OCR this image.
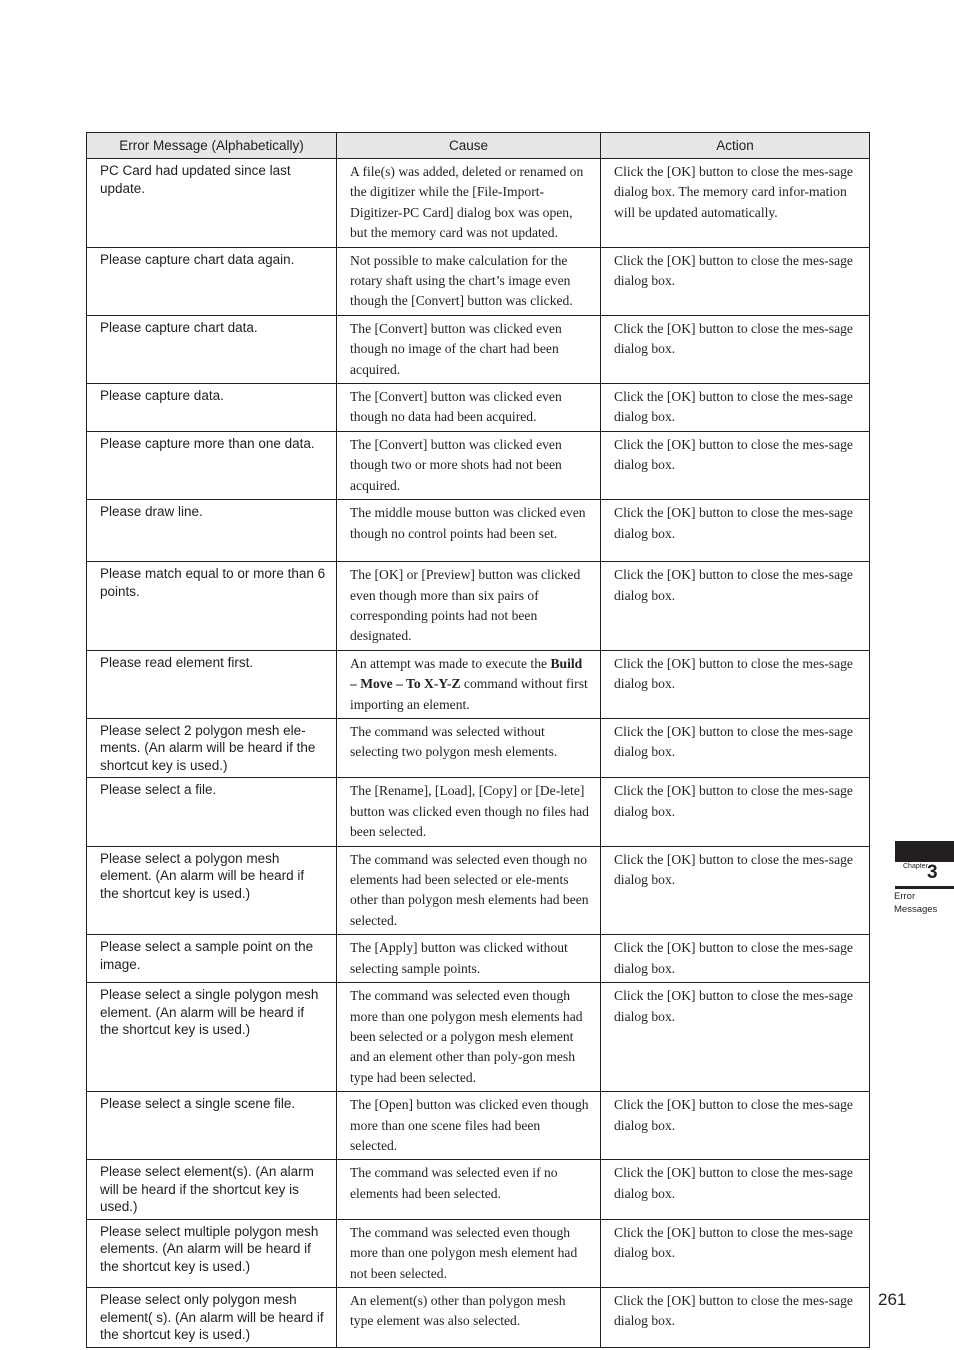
Error Message (Alphabetically)	Cause	Action
PC Card had updated since last update.	A file(s) was added, deleted or renamed on the digitizer while the [File-Import-Digitizer-PC Card] dialog box was open, but the memory card was not updated.	Click the [OK] button to close the mes-sage dialog box. The memory card infor-mation will be updated automatically.
Please capture chart data again.	Not possible to make calculation for the rotary shaft using the chart’s image even though the [Convert] button was clicked.	Click the [OK] button to close the mes-sage dialog box.
Please capture chart data.	The [Convert] button was clicked even though no image of the chart had been acquired.	Click the [OK] button to close the mes-sage dialog box.
Please capture data.	The [Convert] button was clicked even though no data had been acquired.	Click the [OK] button to close the mes-sage dialog box.
Please capture more than one data.	The [Convert] button was clicked even though two or more shots had not been acquired.	Click the [OK] button to close the mes-sage dialog box.
Please draw line.	The middle mouse button was clicked even though no control points had been set.	Click the [OK] button to close the mes-sage dialog box.
Please match equal to or more than 6 points.	The [OK] or [Preview] button was clicked even though more than six pairs of corresponding points had not been designated.	Click the [OK] button to close the mes-sage dialog box.
Please read element first.	An attempt was made to execute the Build – Move – To X-Y-Z command without first importing an element.	Click the [OK] button to close the mes-sage dialog box.
Please select 2 polygon mesh ele-ments. (An alarm will be heard if the shortcut key is used.)	The command was selected without selecting two polygon mesh elements.	Click the [OK] button to close the mes-sage dialog box.
Please select a file.	The [Rename], [Load], [Copy] or [De-lete] button was clicked even though no files had been selected.	Click the [OK] button to close the mes-sage dialog box.
Please select a polygon mesh element. (An alarm will be heard if the shortcut key is used.)	The command was selected even though no elements had been selected or ele-ments other than polygon mesh elements had been selected.	Click the [OK] button to close the mes-sage dialog box.
Please select a sample point on the image.	The [Apply] button was clicked without selecting sample points.	Click the [OK] button to close the mes-sage dialog box.
Please select a single polygon mesh element. (An alarm will be heard if the shortcut key is used.)	The command was selected even though more than one polygon mesh elements had been selected or a polygon mesh element and an element other than poly-gon mesh type had been selected.	Click the [OK] button to close the mes-sage dialog box.
Please select a single scene file.	The [Open] button was clicked even though more than one scene files had been selected.	Click the [OK] button to close the mes-sage dialog box.
Please select element(s). (An alarm will be heard if the shortcut key is used.)	The command was selected even if no elements had been selected.	Click the [OK] button to close the mes-sage dialog box.
Please select multiple polygon mesh elements. (An alarm will be heard if the shortcut key is used.)	The command was selected even though more than one polygon mesh element had not been selected.	Click the [OK] button to close the mes-sage dialog box.
Please select only polygon mesh element( s). (An alarm will be heard if the shortcut key is used.)	An element(s) other than polygon mesh type element was also selected.	Click the [OK] button to close the mes-sage dialog box.
Chapter 3
Error Messages
261
